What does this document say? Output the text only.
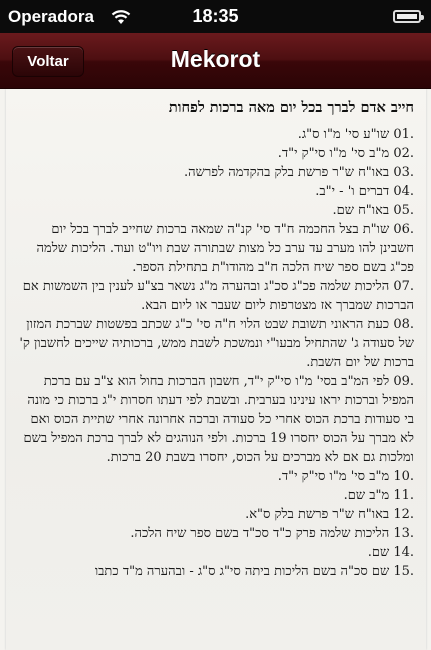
Operadora	18:35
Voltar	Mekorot
חייב אדם לברך בכל יום מאה ברכות לפחות

01. שו"ע סי' מ"ו ס"ג.

02. מ"ב סי' מ"ו סי"ק י"ד.

03. באו"ח ש"ר פרשת בלק בהקדמה לפרשה.

04. דברים ו' - י"ב.

05. באו"ח שם.

06. שו"ת בצל החכמה ח"ד סי' קנ"ה שמאה ברכות שחייב לברך בכל יום חשבינן להו מערב עד ערב כל מצות שבתורה שבת ויו"ט ועוד. הליכות שלמה פכ"ג בשם ספר שיח הלכה ח"ב מהודו"ת בתחילת הספר.

07. הליכות שלמה פכ"ג סכ"ג ובהערה מ"ג נשאר בצ"ע לענין בין השמשות אם הברכות שמברך אז מצטרפות ליום שעבר או ליום הבא.

08. כעת הראוני תשובת שבט הלוי ח"ה סי' כ"ג שכתב בפשטות שברכת המזון של סעודה ג' שהתחיל מבעו"י ונמשכת לשבת ממש, ברכותיה שייכים לחשבון ק' ברכות של יום השבת.

09. לפי המ"ב בסי' מ"ו סי"ק י"ד, חשבון הברכות בחול הוא צ"ב עם ברכת המפיל וברכות יראו עינינו בערבית. ובשבת לפי דעתו חסרות י"ג ברכות כי מונה בי סעודות ברכת הכוס אחרי כל סעודה וברכה אחרונה אחרי שתיית הכוס ואם לא מברך על הכוס יחסרו 19 ברכות. ולפי הנוהגים לא לברך ברכת המפיל בשם ומלכות גם אם לא מברכים על הכוס, יחסרו בשבת 20 ברכות.

10. מ"ב סי' מ"ו סי"ק י"ד.

11. מ"ב שם.

12. באו"ח ש"ר פרשת בלק ס"א.

13. הליכות שלמה פרק כ"ד סכ"ד בשם ספר שיח הלכה.

14. שם.

15. שם סכ"ה בשם הליכות ביתה סי"ג ס"ג - ובהערה מ"ד כתבו
